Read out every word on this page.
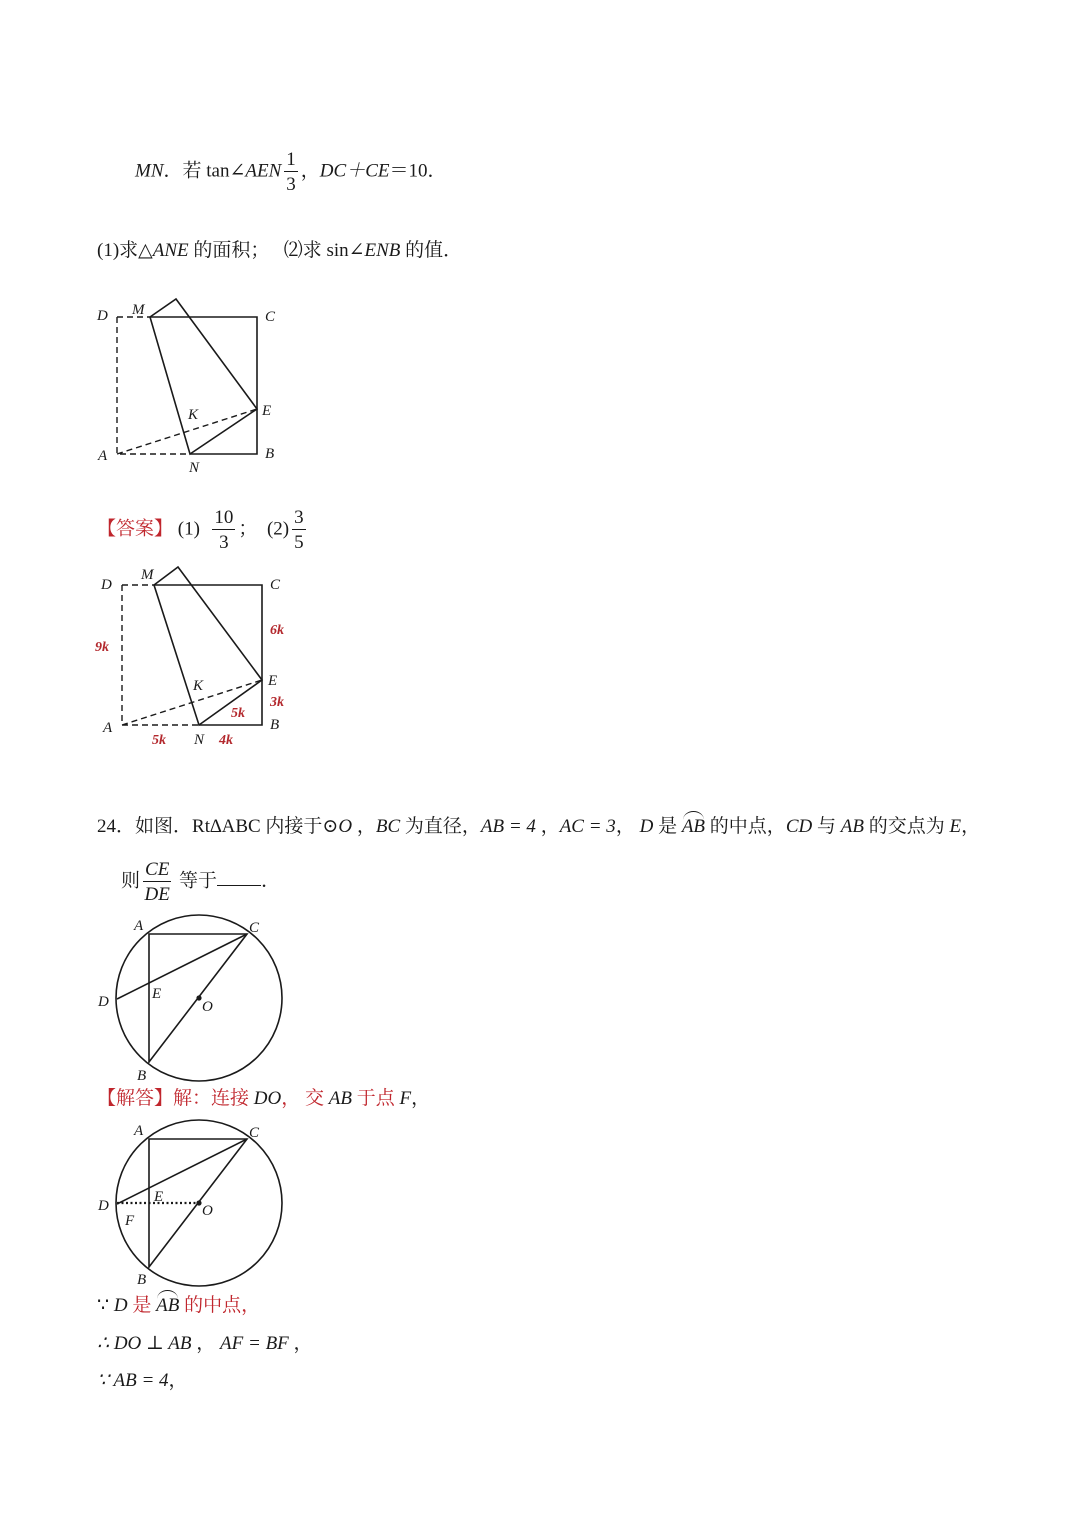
MN．若 tan∠AEN $\frac{1}{3}$ ，DC＋CE＝10．
(1)求△ANE 的面积； ⑵求 sin∠ENB 的值．
D M	C
K	E
A
N
B
【答案】 $(1) \frac{10}{3}$ ； $(2) \frac{3}{5}$
D
M
C
K	E
A
N
B
9k
6k
3k
5k
5k	4k
24．如图．Rt∆ABC 内接于⊙O ，BC 为直径，AB = 4 ，AC = 3， D 是 AB 的中点，CD 与 AB 的交点为 E，
则 $\frac{CE}{DE}$ 等于 ．
A	C
D	E
O
B
【解答】解：连接 DO， 交 AB 于点 F，
A	C
D
E
F
O
B
∵ D 是 AB 的中点，
∴ DO ⊥ AB ， AF = BF ，
∵ AB = 4，
